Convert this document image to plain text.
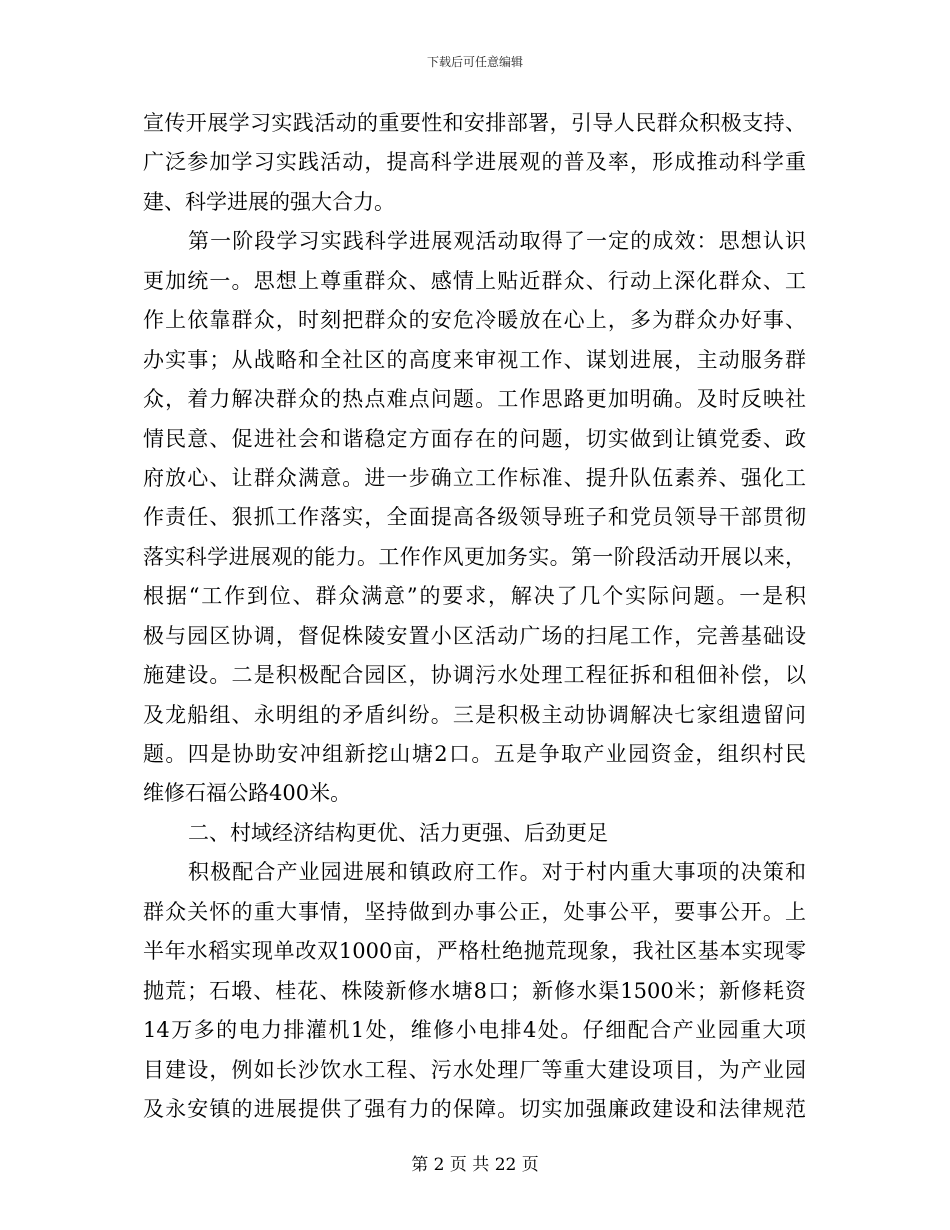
下载后可任意编辑
宣传开展学习实践活动的重要性和安排部署，引导人民群众积极支持、
广泛参加学习实践活动，提高科学进展观的普及率，形成推动科学重
建、科学进展的强大合力。
第一阶段学习实践科学进展观活动取得了一定的成效：思想认识
更加统一。思想上尊重群众、感情上贴近群众、行动上深化群众、工
作上依靠群众，时刻把群众的安危冷暖放在心上，多为群众办好事、
办实事；从战略和全社区的高度来审视工作、谋划进展，主动服务群
众，着力解决群众的热点难点问题。工作思路更加明确。及时反映社
情民意、促进社会和谐稳定方面存在的问题，切实做到让镇党委、政
府放心、让群众满意。进一步确立工作标准、提升队伍素养、强化工
作责任、狠抓工作落实，全面提高各级领导班子和党员领导干部贯彻
落实科学进展观的能力。工作作风更加务实。第一阶段活动开展以来，
根据“工作到位、群众满意”的要求，解决了几个实际问题。一是积
极与园区协调，督促株陵安置小区活动广场的扫尾工作，完善基础设
施建设。二是积极配合园区，协调污水处理工程征拆和租佃补偿，以
及龙船组、永明组的矛盾纠纷。三是积极主动协调解决七家组遗留问
题。四是协助安冲组新挖山塘2口。五是争取产业园资金，组织村民
维修石福公路400米。
二、村域经济结构更优、活力更强、后劲更足
积极配合产业园进展和镇政府工作。对于村内重大事项的决策和
群众关怀的重大事情，坚持做到办事公正，处事公平，要事公开。上
半年水稻实现单改双1000亩，严格杜绝抛荒现象，我社区基本实现零
抛荒；石塅、桂花、株陵新修水塘8口；新修水渠1500米；新修耗资
14万多的电力排灌机1处，维修小电排4处。仔细配合产业园重大项
目建设，例如长沙饮水工程、污水处理厂等重大建设项目，为产业园
及永安镇的进展提供了强有力的保障。切实加强廉政建设和法律规范
第 2 页 共 22 页
